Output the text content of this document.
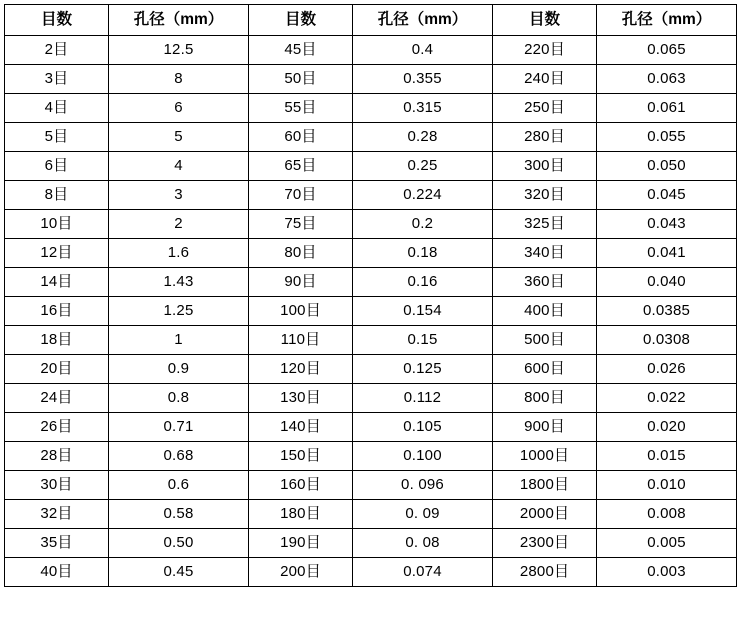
目数	孔径（mm）	目数	孔径（mm）	目数	孔径（mm）
2目	12.5	45目	0.4	220目	0.065
3目	8	50目	0.355	240目	0.063
4目	6	55目	0.315	250目	0.061
5目	5	60目	0.28	280目	0.055
6目	4	65目	0.25	300目	0.050
8目	3	70目	0.224	320目	0.045
10目	2	75目	0.2	325目	0.043
12目	1.6	80目	0.18	340目	0.041
14目	1.43	90目	0.16	360目	0.040
16目	1.25	100目	0.154	400目	0.0385
18目	1	110目	0.15	500目	0.0308
20目	0.9	120目	0.125	600目	0.026
24目	0.8	130目	0.112	800目	0.022
26目	0.71	140目	0.105	900目	0.020
28目	0.68	150目	0.100	1000目	0.015
30目	0.6	160目	0. 096	1800目	0.010
32目	0.58	180目	0. 09	2000目	0.008
35目	0.50	190目	0. 08	2300目	0.005
40目	0.45	200目	0.074	2800目	0.003
